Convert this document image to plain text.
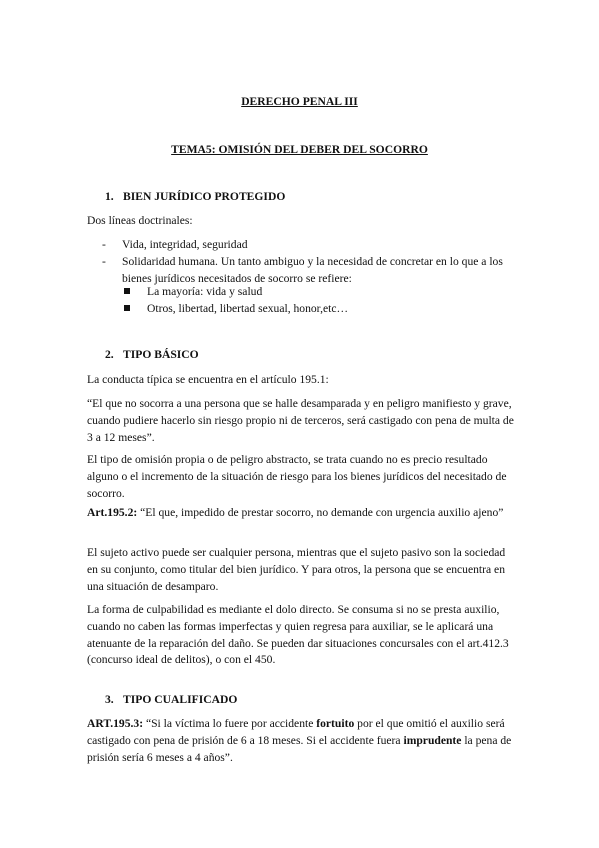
DERECHO PENAL III
TEMA5: OMISIÓN DEL DEBER DEL SOCORRO
1. BIEN JURÍDICO PROTEGIDO

Dos líneas doctrinales:

- Vida, integridad, seguridad
- Solidaridad humana. Un tanto ambiguo y la necesidad de concretar en lo que a los bienes jurídicos necesitados de socorro se refiere:
La mayoría: vida y salud
Otros, libertad, libertad sexual, honor,etc…
2. TIPO BÁSICO

La conducta típica se encuentra en el artículo 195.1:

“El que no socorra a una persona que se halle desamparada y en peligro manifiesto y grave, cuando pudiere hacerlo sin riesgo propio ni de terceros, será castigado con pena de multa de 3 a 12 meses”.

El tipo de omisión propia o de peligro abstracto, se trata cuando no es precio resultado alguno o el incremento de la situación de riesgo para los bienes jurídicos del necesitado de socorro.

Art.195.2: “El que, impedido de prestar socorro, no demande con urgencia auxilio ajeno”

El sujeto activo puede ser cualquier persona, mientras que el sujeto pasivo son la sociedad en su conjunto, como titular del bien jurídico. Y para otros, la persona que se encuentra en una situación de desamparo.

La forma de culpabilidad es mediante el dolo directo. Se consuma si no se presta auxilio, cuando no caben las formas imperfectas y quien regresa para auxiliar, se le aplicará una atenuante de la reparación del daño. Se pueden dar situaciones concursales con el art.412.3 (concurso ideal de delitos), o con el 450.

3. TIPO CUALIFICADO

ART.195.3: “Si la víctima lo fuere por accidente fortuito por el que omitió el auxilio será castigado con pena de prisión de 6 a 18 meses. Si el accidente fuera imprudente la pena de prisión sería 6 meses a 4 años”.
